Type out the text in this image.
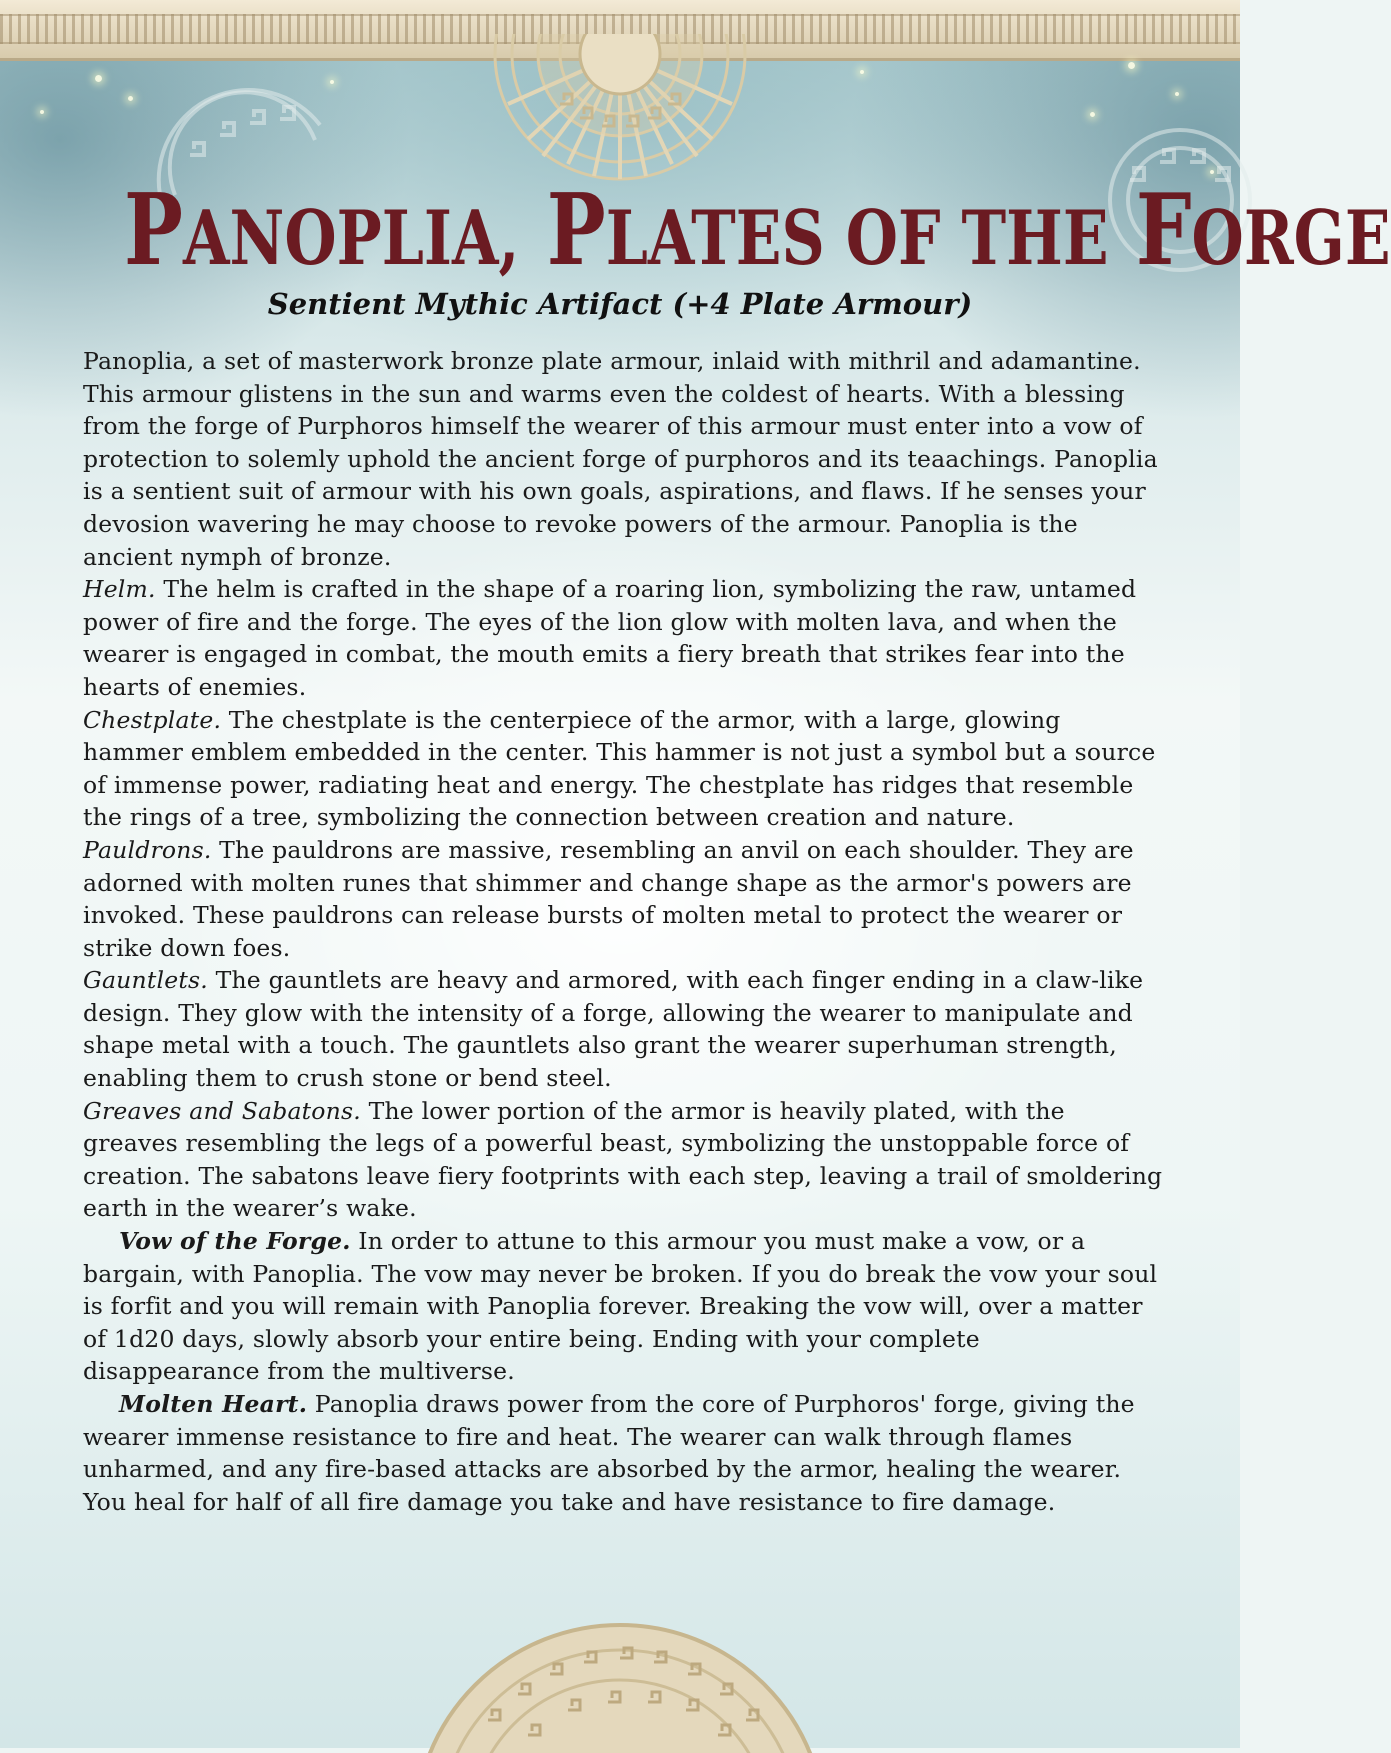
PANOPLIA, PLATES OF THE FORGE
Sentient Mythic Artifact (+4 Plate Armour)

Panoplia, a set of masterwork bronze plate armour, inlaid with mithril and adamantine. This armour glistens in the sun and warms even the coldest of hearts. With a blessing from the forge of Purphoros himself the wearer of this armour must enter into a vow of protection to solemly uphold the ancient forge of purphoros and its teaachings. Panoplia is a sentient suit of armour with his own goals, aspirations, and flaws. If he senses your devosion wavering he may choose to revoke powers of the armour. Panoplia is the ancient nymph of bronze.

Helm. The helm is crafted in the shape of a roaring lion, symbolizing the raw, untamed power of fire and the forge. The eyes of the lion glow with molten lava, and when the wearer is engaged in combat, the mouth emits a fiery breath that strikes fear into the hearts of enemies.

Chestplate. The chestplate is the centerpiece of the armor, with a large, glowing hammer emblem embedded in the center. This hammer is not just a symbol but a source of immense power, radiating heat and energy. The chestplate has ridges that resemble the rings of a tree, symbolizing the connection between creation and nature.

Pauldrons. The pauldrons are massive, resembling an anvil on each shoulder. They are adorned with molten runes that shimmer and change shape as the armor's powers are invoked. These pauldrons can release bursts of molten metal to protect the wearer or strike down foes.

Gauntlets. The gauntlets are heavy and armored, with each finger ending in a claw-like design. They glow with the intensity of a forge, allowing the wearer to manipulate and shape metal with a touch. The gauntlets also grant the wearer superhuman strength, enabling them to crush stone or bend steel.

Greaves and Sabatons. The lower portion of the armor is heavily plated, with the greaves resembling the legs of a powerful beast, symbolizing the unstoppable force of creation. The sabatons leave fiery footprints with each step, leaving a trail of smoldering earth in the wearer’s wake.

Vow of the Forge. In order to attune to this armour you must make a vow, or a bargain, with Panoplia. The vow may never be broken. If you do break the vow your soul is forfit and you will remain with Panoplia forever. Breaking the vow will, over a matter of 1d20 days, slowly absorb your entire being. Ending with your complete disappearance from the multiverse.

Molten Heart. Panoplia draws power from the core of Purphoros' forge, giving the wearer immense resistance to fire and heat. The wearer can walk through flames unharmed, and any fire-based attacks are absorbed by the armor, healing the wearer. You heal for half of all fire damage you take and have resistance to fire damage.
